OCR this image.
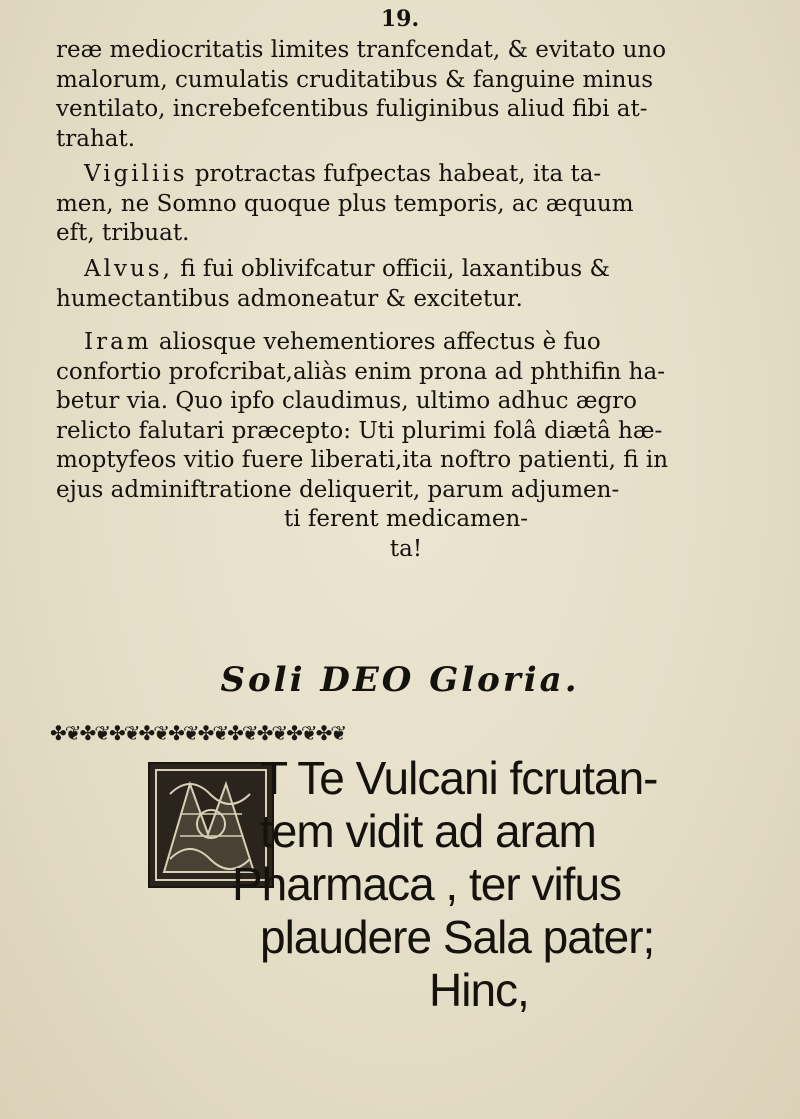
19.
reæ mediocritatis limites tranfcendat, & evitato uno
malorum, cumulatis cruditatibus & fanguine minus
ventilato, increbefcentibus fuliginibus aliud fibi at-
trahat.
Vigiliis protractas fufpectas habeat, ita ta-
men, ne Somno quoque plus temporis, ac æquum
eft, tribuat.
Alvus, fi fui oblivifcatur officii, laxantibus &
humectantibus admoneatur & excitetur.
Iram aliosque vehementiores affectus è fuo
confortio profcribat,aliàs enim prona ad phthifin ha-
betur via. Quo ipfo claudimus, ultimo adhuc ægro
relicto falutari præcepto: Uti plurimi folâ diætâ hæ-
moptyfeos vitio fuere liberati,ita noftro patienti, fi in
ejus adminiftratione deliquerit, parum adjumen-
ti ferent medicamen-
ta!
Soli DEO Gloria.
✤❦✤❦✤❦✤❦✤❦✤❦✤❦✤❦✤❦✤❦
T Te Vulcani fcrutan-
tem vidit ad aram
Pharmaca , ter vifus
plaudere Sala pater;
Hinc,
